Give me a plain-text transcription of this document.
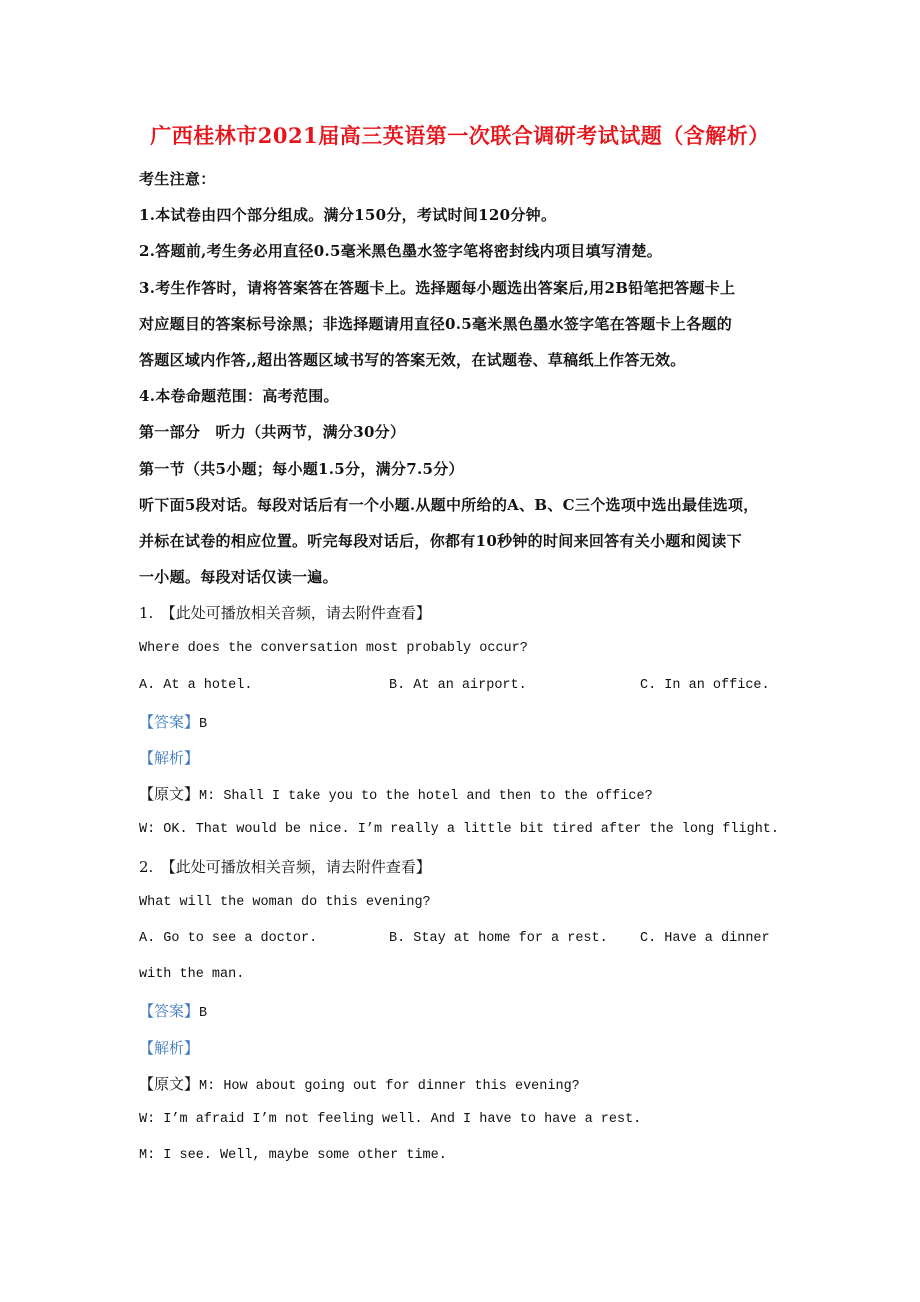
广西桂林市2021届高三英语第一次联合调研考试试题（含解析）
考生注意：
1.本试卷由四个部分组成。满分150分，考试时间120分钟。
2.答题前,考生务必用直径0.5毫米黑色墨水签字笔将密封线内项目填写清楚。
3.考生作答时，请将答案答在答题卡上。选择题每小题选出答案后,用2B铅笔把答题卡上
对应题目的答案标号涂黑；非选择题请用直径0.5毫米黑色墨水签字笔在答题卡上各题的
答题区域内作答,,超出答题区域书写的答案无效，在试题卷、草稿纸上作答无效。
4.本卷命题范围：高考范围。
第一部分　听力（共两节，满分30分）
第一节（共5小题；每小题1.5分，满分7.5分）
听下面5段对话。每段对话后有一个小题.从题中所给的A、B、C三个选项中选出最佳选项，
并标在试卷的相应位置。听完每段对话后，你都有10秒钟的时间来回答有关小题和阅读下
一小题。每段对话仅读一遍。
1.　【此处可播放相关音频，请去附件查看】
Where does the conversation most probably occur?
A. At a hotel.	B. At an airport.	C. In an office.
【答案】B
【解析】
【原文】M: Shall I take you to the hotel and then to the office?
W: OK. That would be nice. I’m really a little bit tired after the long flight.
2.　【此处可播放相关音频，请去附件查看】
What will the woman do this evening?
A. Go to see a doctor.	B. Stay at home for a rest. C. Have a dinner
with the man.
【答案】B
【解析】
【原文】M: How about going out for dinner this evening?
W: I’m afraid I’m not feeling well. And I have to have a rest.
M: I see. Well, maybe some other time.
